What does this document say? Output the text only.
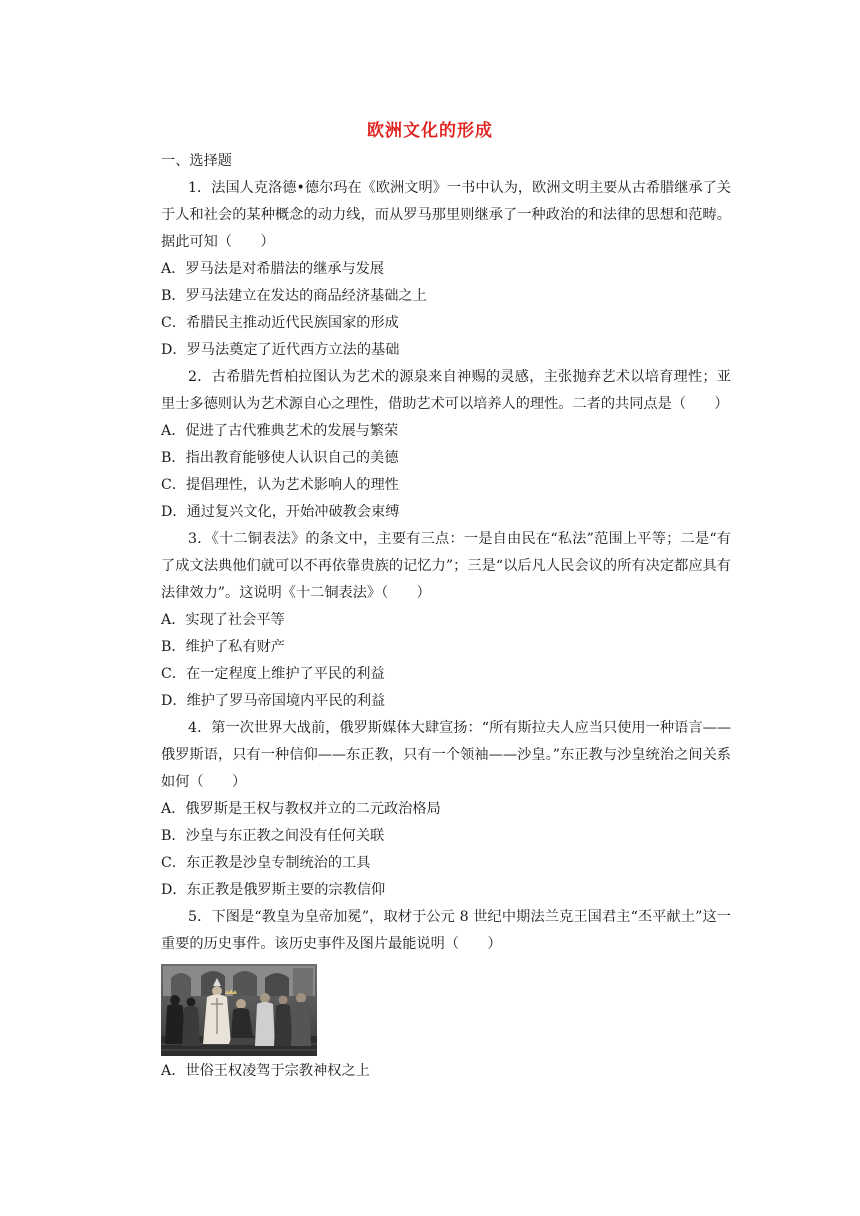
欧洲文化的形成

一、选择题

1．法国人克洛德•德尔玛在《欧洲文明》一书中认为，欧洲文明主要从古希腊继承了关于人和社会的某种概念的动力线，而从罗马那里则继承了一种政治的和法律的思想和范畴。据此可知（　　）

A．罗马法是对希腊法的继承与发展

B．罗马法建立在发达的商品经济基础之上

C．希腊民主推动近代民族国家的形成

D．罗马法奠定了近代西方立法的基础

2．古希腊先哲柏拉图认为艺术的源泉来自神赐的灵感，主张抛弃艺术以培育理性；亚里士多德则认为艺术源自心之理性，借助艺术可以培养人的理性。二者的共同点是（　　）

A．促进了古代雅典艺术的发展与繁荣

B．指出教育能够使人认识自己的美德

C．提倡理性，认为艺术影响人的理性

D．通过复兴文化，开始冲破教会束缚

3．《十二铜表法》的条文中，主要有三点：一是自由民在“私法”范围上平等；二是“有了成文法典他们就可以不再依靠贵族的记忆力”；三是“以后凡人民会议的所有决定都应具有法律效力”。这说明《十二铜表法》（　　）

A．实现了社会平等

B．维护了私有财产

C．在一定程度上维护了平民的利益

D．维护了罗马帝国境内平民的利益

4．第一次世界大战前，俄罗斯媒体大肆宣扬：“所有斯拉夫人应当只使用一种语言——俄罗斯语，只有一种信仰——东正教，只有一个领袖——沙皇。”东正教与沙皇统治之间关系如何（　　）

A．俄罗斯是王权与教权并立的二元政治格局

B．沙皇与东正教之间没有任何关联

C．东正教是沙皇专制统治的工具

D．东正教是俄罗斯主要的宗教信仰

5．下图是“教皇为皇帝加冕”，取材于公元 8 世纪中期法兰克王国君主“丕平献土”这一重要的历史事件。该历史事件及图片最能说明（　　）

A．世俗王权凌驾于宗教神权之上
